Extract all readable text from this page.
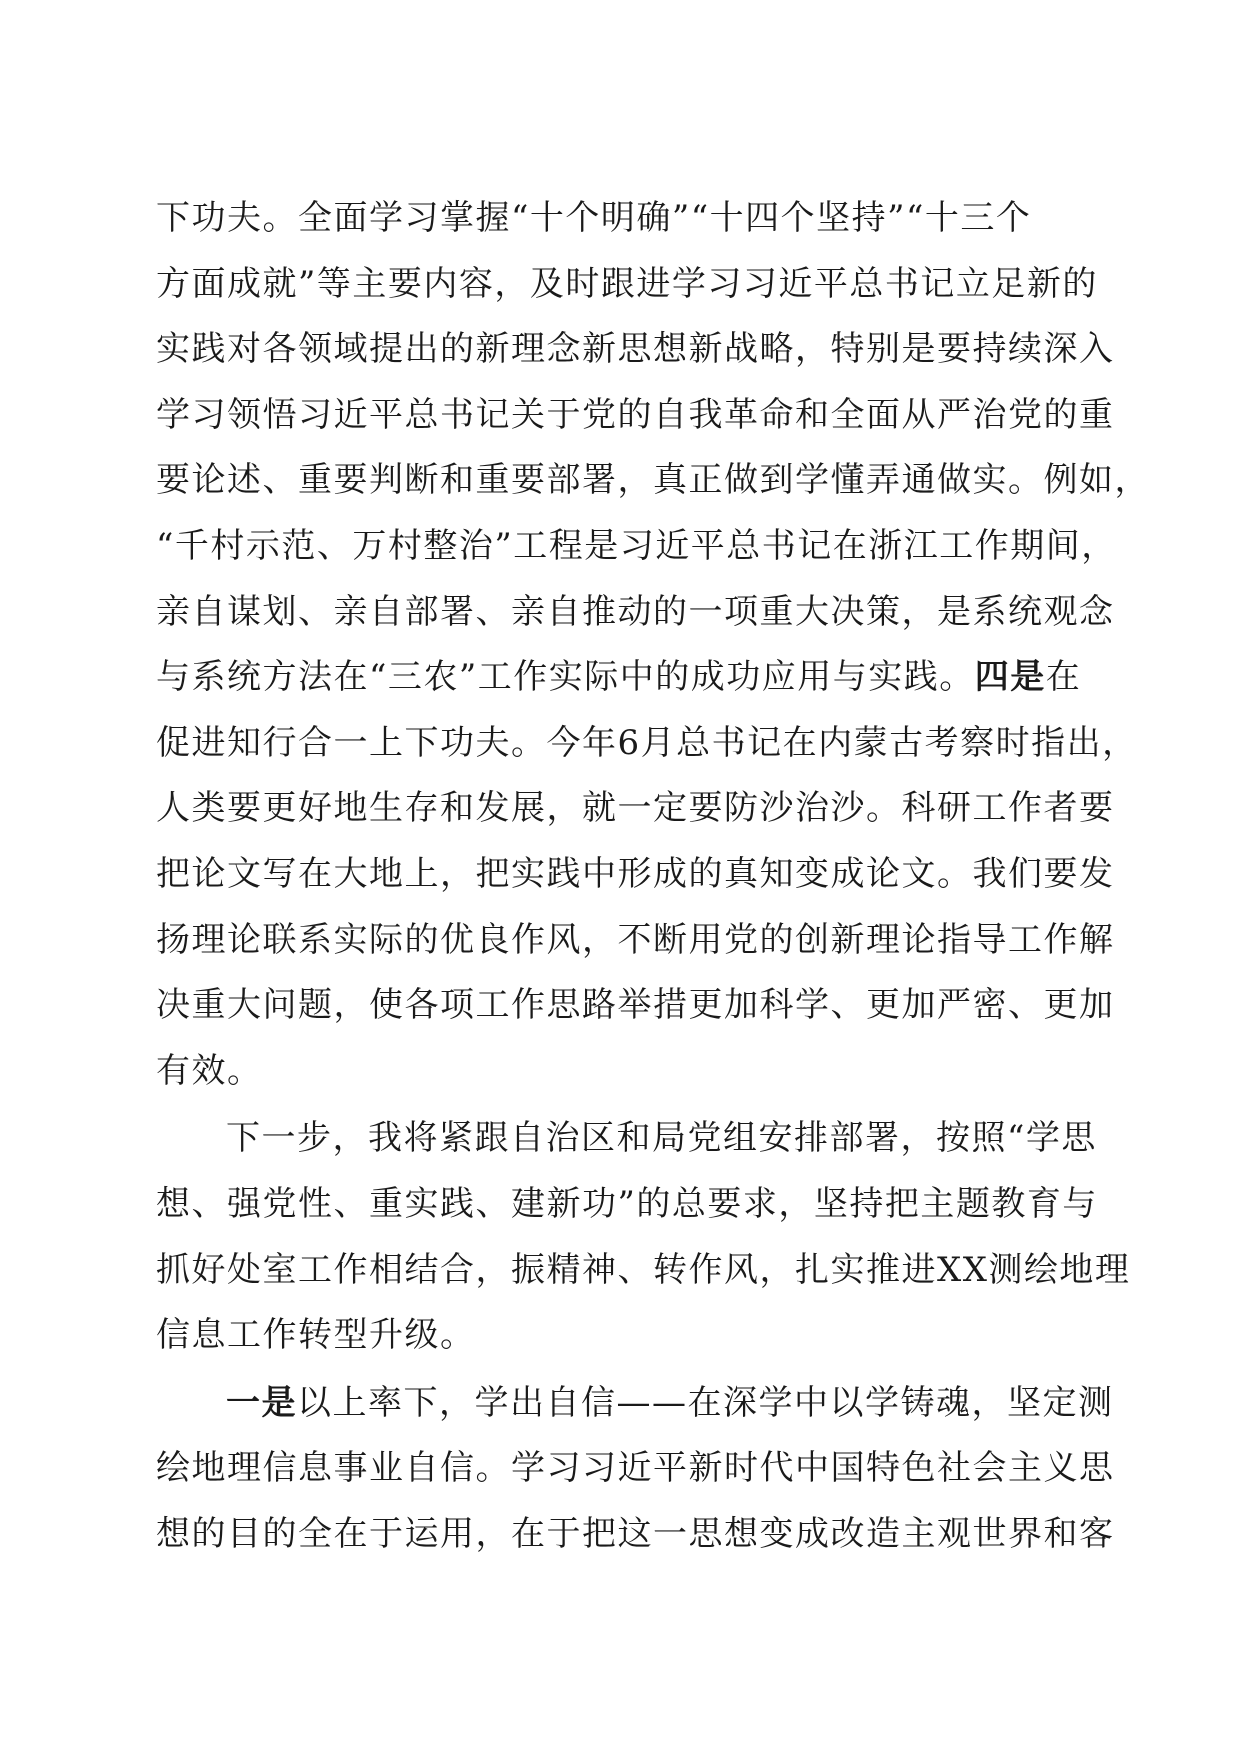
下功夫。全面学习掌握“十个明确”“十四个坚持”“十三个
方面成就”等主要内容，及时跟进学习习近平总书记立足新的
实践对各领域提出的新理念新思想新战略，特别是要持续深入
学习领悟习近平总书记关于党的自我革命和全面从严治党的重
要论述、重要判断和重要部署，真正做到学懂弄通做实。例如，
“千村示范、万村整治”工程是习近平总书记在浙江工作期间，
亲自谋划、亲自部署、亲自推动的一项重大决策，是系统观念
与系统方法在“三农”工作实际中的成功应用与实践。四是在
促进知行合一上下功夫。今年6月总书记在内蒙古考察时指出，
人类要更好地生存和发展，就一定要防沙治沙。科研工作者要
把论文写在大地上，把实践中形成的真知变成论文。我们要发
扬理论联系实际的优良作风，不断用党的创新理论指导工作解
决重大问题，使各项工作思路举措更加科学、更加严密、更加
有效。
下一步，我将紧跟自治区和局党组安排部署，按照“学思
想、强党性、重实践、建新功”的总要求，坚持把主题教育与
抓好处室工作相结合，振精神、转作风，扎实推进XX测绘地理
信息工作转型升级。
一是以上率下，学出自信——在深学中以学铸魂，坚定测
绘地理信息事业自信。学习习近平新时代中国特色社会主义思
想的目的全在于运用，在于把这一思想变成改造主观世界和客
